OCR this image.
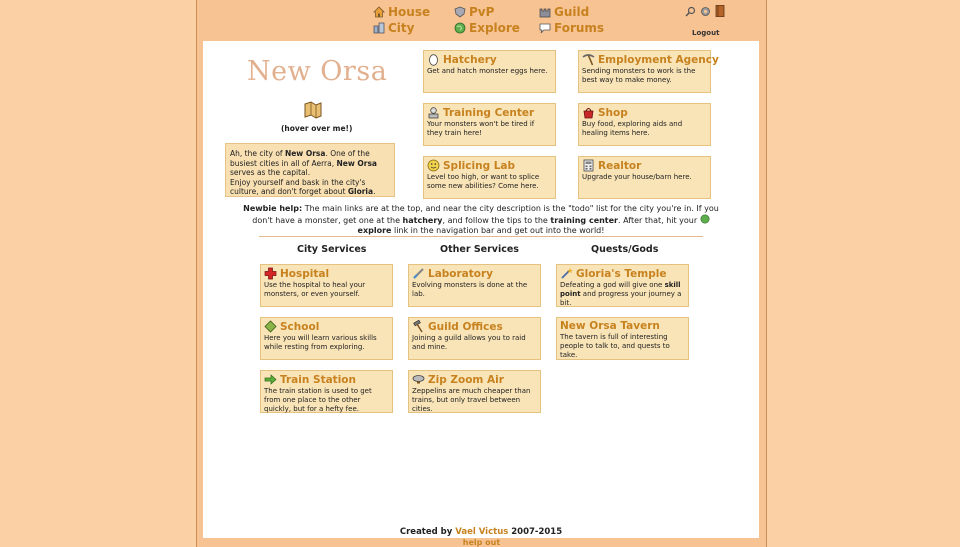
House	PvP	Guild
City	Explore	Forums	Logout
New Orsa
(hover over me!)
Ah, the city of New Orsa. One of the busiest cities in all of Aerra, New Orsa serves as the capital.
Enjoy yourself and bask in the city's culture, and don't forget about Gloria.
Hatchery
Get and hatch monster eggs here.
Employment Agency
Sending monsters to work is the best way to make money.
Training Center
Your monsters won't be tired if they train here!
Shop
Buy food, exploring aids and healing items here.
Splicing Lab
Level too high, or want to splice some new abilities? Come here.
Realtor
Upgrade your house/barn here.
Newbie help: The main links are at the top, and near the city description is the "todo" list for the city you're in. If you don't have a monster, get one at the hatchery, and follow the tips to the training center. After that, hit your
explore link in the navigation bar and get out into the world!
City Services	Other Services	Quests/Gods
Hospital
Use the hospital to heal your monsters, or even yourself.
School
Here you will learn various skills while resting from exploring.
Train Station
The train station is used to get from one place to the other quickly, but for a hefty fee.
Laboratory
Evolving monsters is done at the lab.
Guild Offices
Joining a guild allows you to raid and mine.
Zip Zoom Air
Zeppelins are much cheaper than trains, but only travel between cities.
Gloria's Temple
Defeating a god will give one skill point and progress your journey a bit.
New Orsa Tavern
The tavern is full of interesting people to talk to, and quests to take.
Created by Vael Victus 2007-2015
help out
